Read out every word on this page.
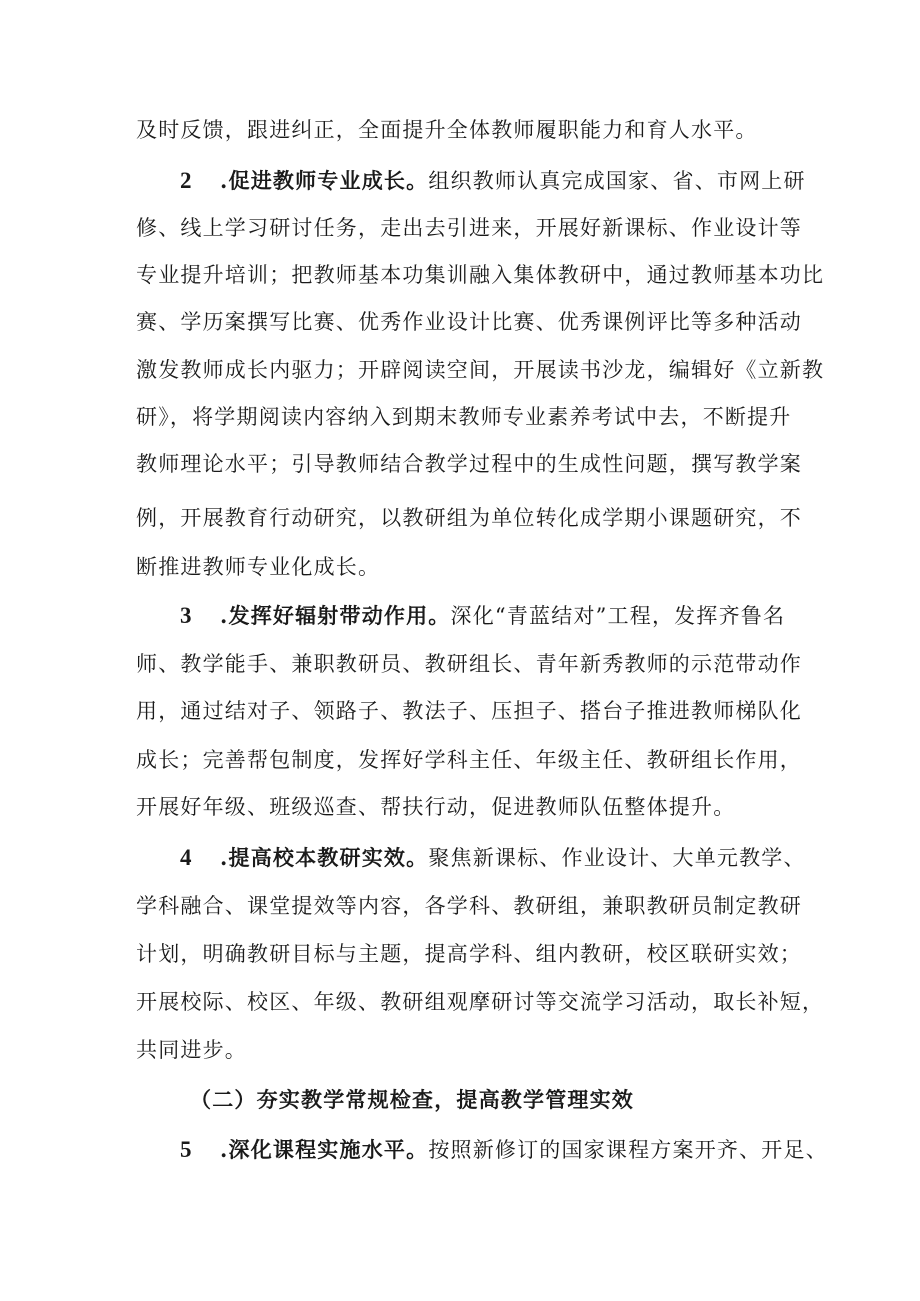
及时反馈，跟进纠正，全面提升全体教师履职能力和育人水平。
2 .促进教师专业成长。组织教师认真完成国家、省、市网上研
修、线上学习研讨任务，走出去引进来，开展好新课标、作业设计等
专业提升培训；把教师基本功集训融入集体教研中，通过教师基本功比
赛、学历案撰写比赛、优秀作业设计比赛、优秀课例评比等多种活动
激发教师成长内驱力；开辟阅读空间，开展读书沙龙，编辑好《立新教
研》，将学期阅读内容纳入到期末教师专业素养考试中去，不断提升
教师理论水平；引导教师结合教学过程中的生成性问题，撰写教学案
例，开展教育行动研究，以教研组为单位转化成学期小课题研究，不
断推进教师专业化成长。
3 .发挥好辐射带动作用。深化“青蓝结对”工程，发挥齐鲁名
师、教学能手、兼职教研员、教研组长、青年新秀教师的示范带动作
用，通过结对子、领路子、教法子、压担子、搭台子推进教师梯队化
成长；完善帮包制度，发挥好学科主任、年级主任、教研组长作用，
开展好年级、班级巡查、帮扶行动，促进教师队伍整体提升。
4 .提高校本教研实效。聚焦新课标、作业设计、大单元教学、
学科融合、课堂提效等内容，各学科、教研组，兼职教研员制定教研
计划，明确教研目标与主题，提高学科、组内教研，校区联研实效；
开展校际、校区、年级、教研组观摩研讨等交流学习活动，取长补短，
共同进步。
（二）夯实教学常规检查，提高教学管理实效
5 .深化课程实施水平。按照新修订的国家课程方案开齐、开足、
